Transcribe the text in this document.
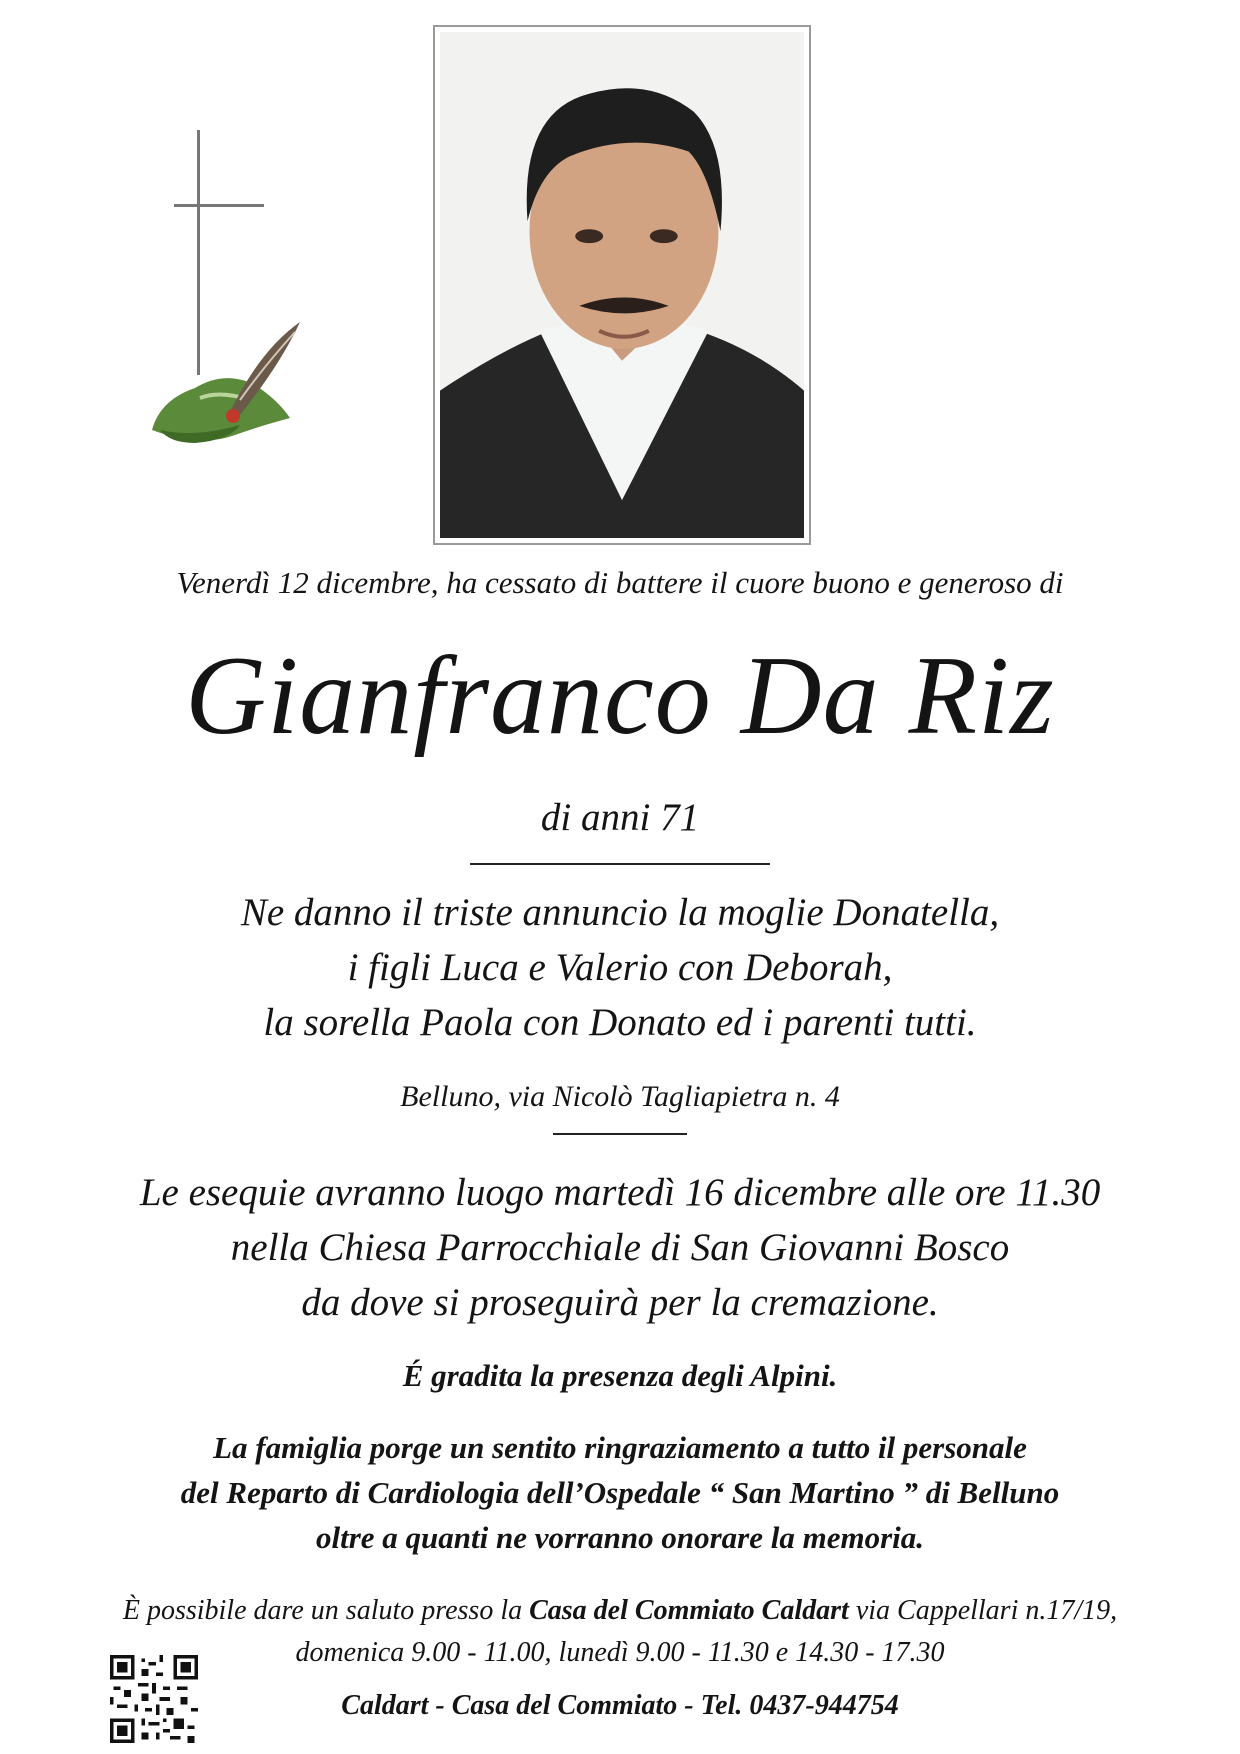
Venerdì 12 dicembre, ha cessato di battere il cuore buono e generoso di
Gianfranco Da Riz
di anni 71
Ne danno il triste annuncio la moglie Donatella,
i figli Luca e Valerio con Deborah,
la sorella Paola con Donato ed i parenti tutti.
Belluno, via Nicolò Tagliapietra n. 4
Le esequie avranno luogo martedì 16 dicembre alle ore 11.30
nella Chiesa Parrocchiale di San Giovanni Bosco
da dove si proseguirà per la cremazione.
É gradita la presenza degli Alpini.
La famiglia porge un sentito ringraziamento a tutto il personale
del Reparto di Cardiologia dell’Ospedale “ San Martino ” di Belluno
oltre a quanti ne vorranno onorare la memoria.
È possibile dare un saluto presso la Casa del Commiato Caldart via Cappellari n.17/19,
domenica 9.00 - 11.00, lunedì 9.00 - 11.30 e 14.30 - 17.30
Caldart - Casa del Commiato - Tel. 0437-944754
